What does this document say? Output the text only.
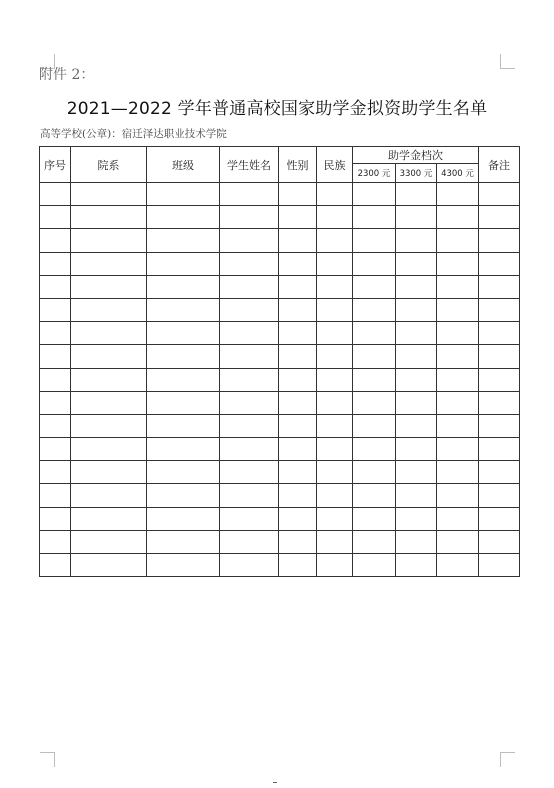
附件 2：
2021—2022 学年普通高校国家助学金拟资助学生名单
高等学校(公章)：宿迁泽达职业技术学院
序号	院系	班级	学生姓名	性别	民族	助学金档次			备注
						2300 元	3300 元	4300 元	
